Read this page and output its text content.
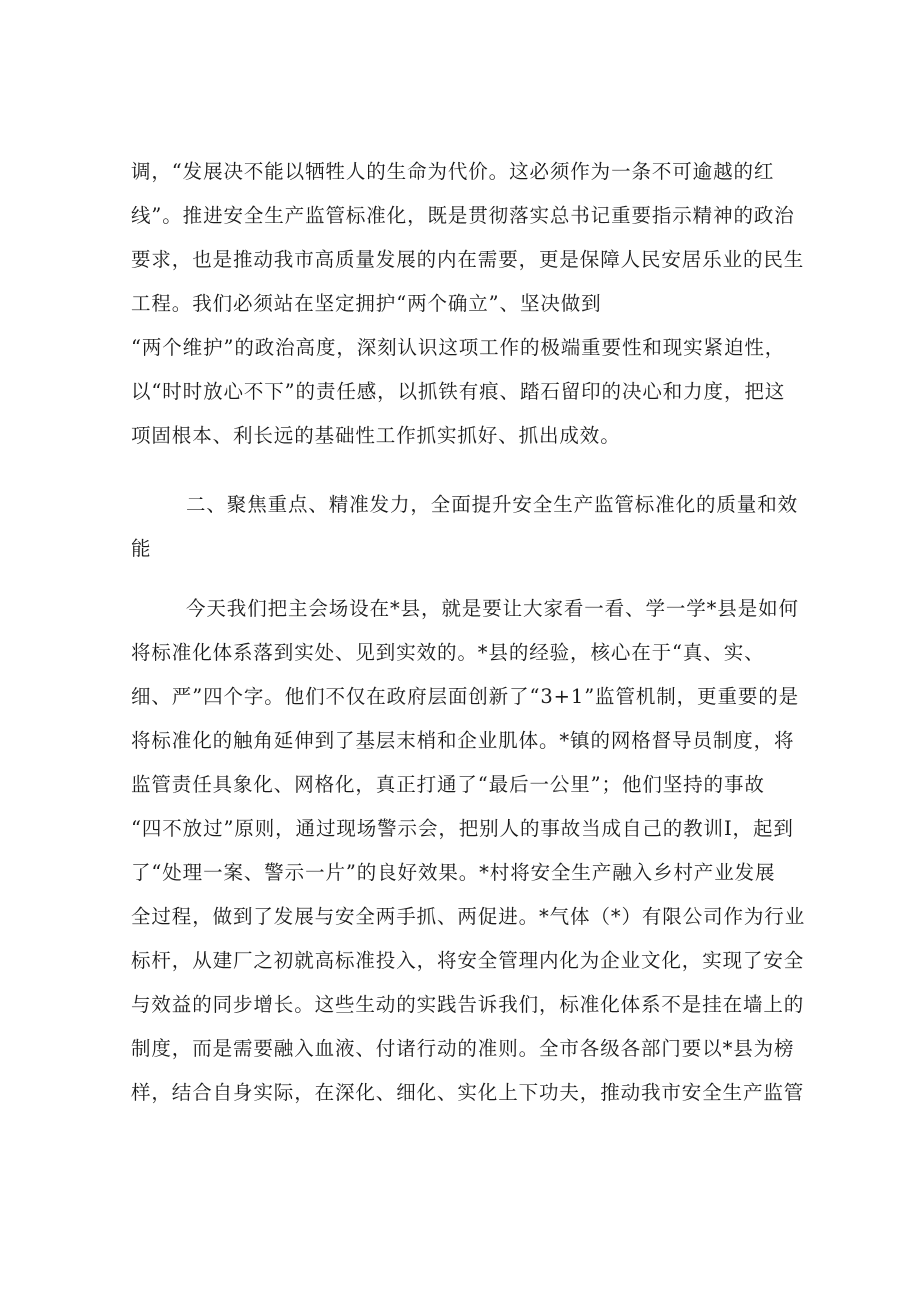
调，“发展决不能以牺牲人的生命为代价。这必须作为一条不可逾越的红
线”。推进安全生产监管标准化，既是贯彻落实总书记重要指示精神的政治
要求，也是推动我市高质量发展的内在需要，更是保障人民安居乐业的民生
工程。我们必须站在坚定拥护“两个确立”、坚决做到
“两个维护”的政治高度，深刻认识这项工作的极端重要性和现实紧迫性，
以“时时放心不下”的责任感，以抓铁有痕、踏石留印的决心和力度，把这
项固根本、利长远的基础性工作抓实抓好、抓出成效。
二、聚焦重点、精准发力，全面提升安全生产监管标准化的质量和效
能
今天我们把主会场设在*县，就是要让大家看一看、学一学*县是如何
将标准化体系落到实处、见到实效的。*县的经验，核心在于“真、实、
细、严”四个字。他们不仅在政府层面创新了“3+1”监管机制，更重要的是
将标准化的触角延伸到了基层末梢和企业肌体。*镇的网格督导员制度，将
监管责任具象化、网格化，真正打通了“最后一公里”；他们坚持的事故
“四不放过”原则，通过现场警示会，把别人的事故当成自己的教训I，起到
了“处理一案、警示一片”的良好效果。*村将安全生产融入乡村产业发展
全过程，做到了发展与安全两手抓、两促进。*气体（*）有限公司作为行业
标杆，从建厂之初就高标准投入，将安全管理内化为企业文化，实现了安全
与效益的同步增长。这些生动的实践告诉我们，标准化体系不是挂在墙上的
制度，而是需要融入血液、付诸行动的准则。全市各级各部门要以*县为榜
样，结合自身实际，在深化、细化、实化上下功夫，推动我市安全生产监管
